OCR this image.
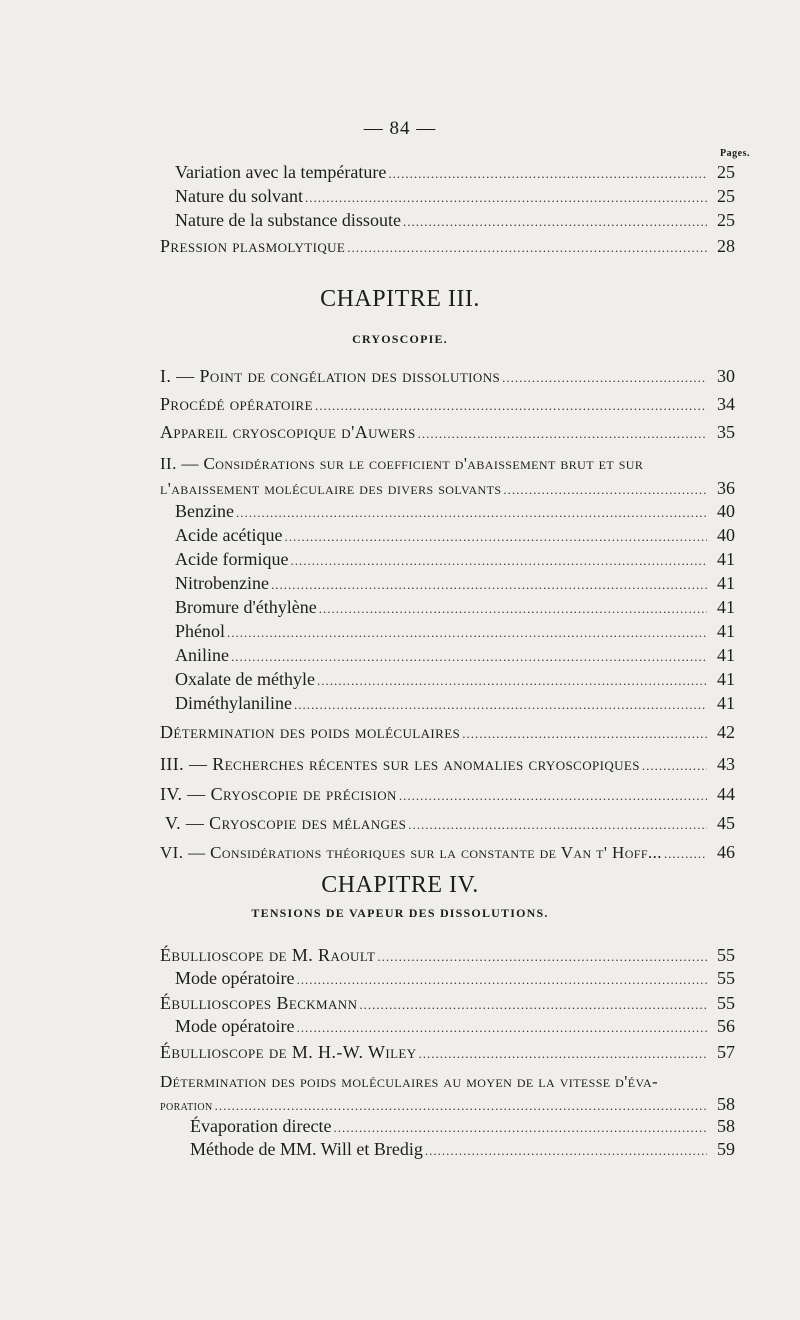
— 84 —
Pages.
Variation avec la température .....	25
Nature du solvant .....	25
Nature de la substance dissoute .....	25
Pression plasmolytique .....	28
CHAPITRE III.
CRYOSCOPIE.
I. — Point de congélation des dissolutions .....	30
Procédé opératoire .....	34
Appareil cryoscopique d'Auwers .....	35
II. — Considérations sur le coefficient d'abaissement brut et sur
l'abaissement moléculaire des divers solvants .....	36
Benzine .....	40
Acide acétique .....	40
Acide formique .....	41
Nitrobenzine .....	41
Bromure d'éthylène .....	41
Phénol .....	41
Aniline .....	41
Oxalate de méthyle .....	41
Diméthylaniline .....	41
Détermination des poids moléculaires .....	42
III. — Recherches récentes sur les anomalies cryoscopiques .....	43
IV. — Cryoscopie de précision .....	44
V. — Cryoscopie des mélanges .....	45
VI. — Considérations théoriques sur la constante de Van t' Hoff... .....	46
CHAPITRE IV.
TENSIONS DE VAPEUR DES DISSOLUTIONS.
Ébullioscope de M. Raoult .....	55
Mode opératoire .....	55
Ébullioscopes Beckmann .....	55
Mode opératoire .....	56
Ébullioscope de M. H.-W. Wiley .....	57
Détermination des poids moléculaires au moyen de la vitesse d'éva-
poration .....	58
Évaporation directe .....	58
Méthode de MM. Will et Bredig .....	59
